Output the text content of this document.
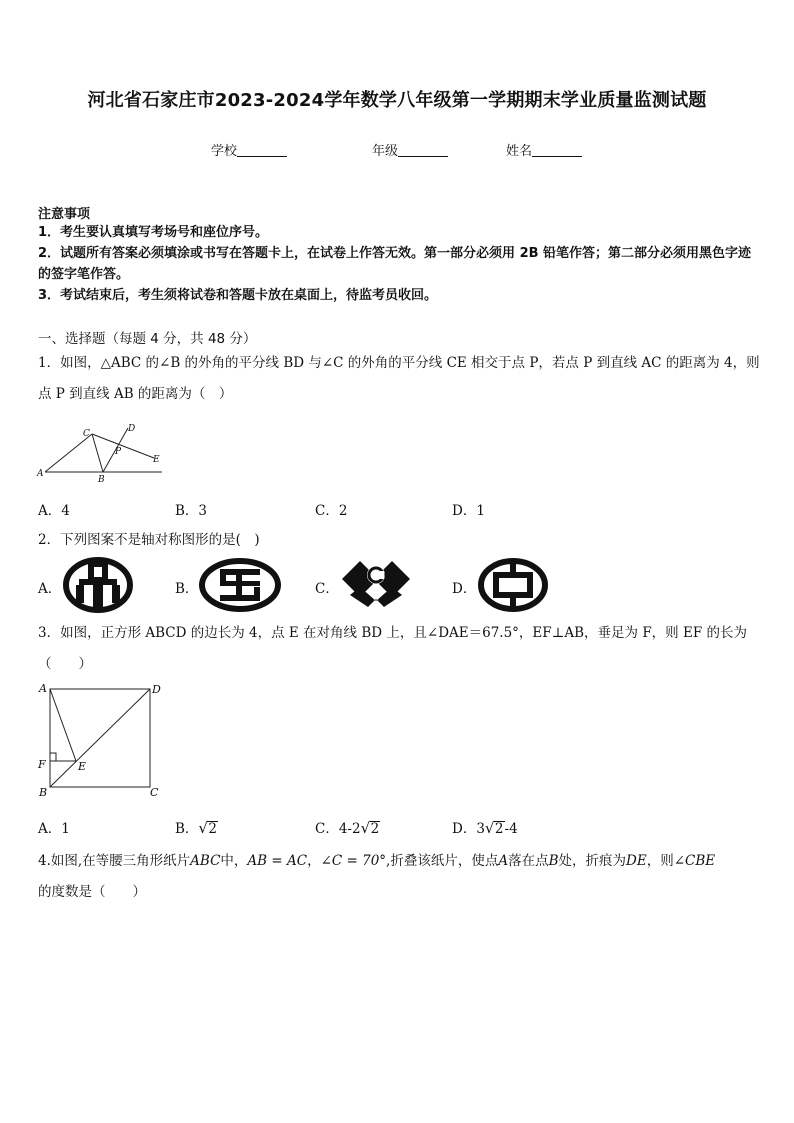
河北省石家庄市2023-2024学年数学八年级第一学期期末学业质量监测试题
学校	年级	姓名
注意事项
1．考生要认真填写考场号和座位序号。
2．试题所有答案必须填涂或书写在答题卡上，在试卷上作答无效。第一部分必须用 2B 铅笔作答；第二部分必须用黑色字迹的签字笔作答。
3．考试结束后，考生须将试卷和答题卡放在桌面上，待监考员收回。
一、选择题（每题 4 分，共 48 分）
1．如图，△ABC 的∠B 的外角的平分线 BD 与∠C 的外角的平分线 CE 相交于点 P，若点 P 到直线 AC 的距离为 4，则点 P 到直线 AB 的距离为（　）
A
B
C	D
E
P
A．4	B．3	C．2	D．1
2．下列图案不是轴对称图形的是(　)
A．	B．	C．	D．
3．如图，正方形 ABCD 的边长为 4，点 E 在对角线 BD 上，且∠DAE＝67.5°，EF⊥AB，垂足为 F，则 EF 的长为（　　）
A	D
F	E
B	C
A．1	B． √ 2	C．4-2 √ 2	D．3 √ 2-4
4.如图,在等腰三角形纸片ABC中，AB = AC，∠C = 70°,折叠该纸片，使点A落在点B处，折痕为DE，则∠CBE
的度数是（　　）
